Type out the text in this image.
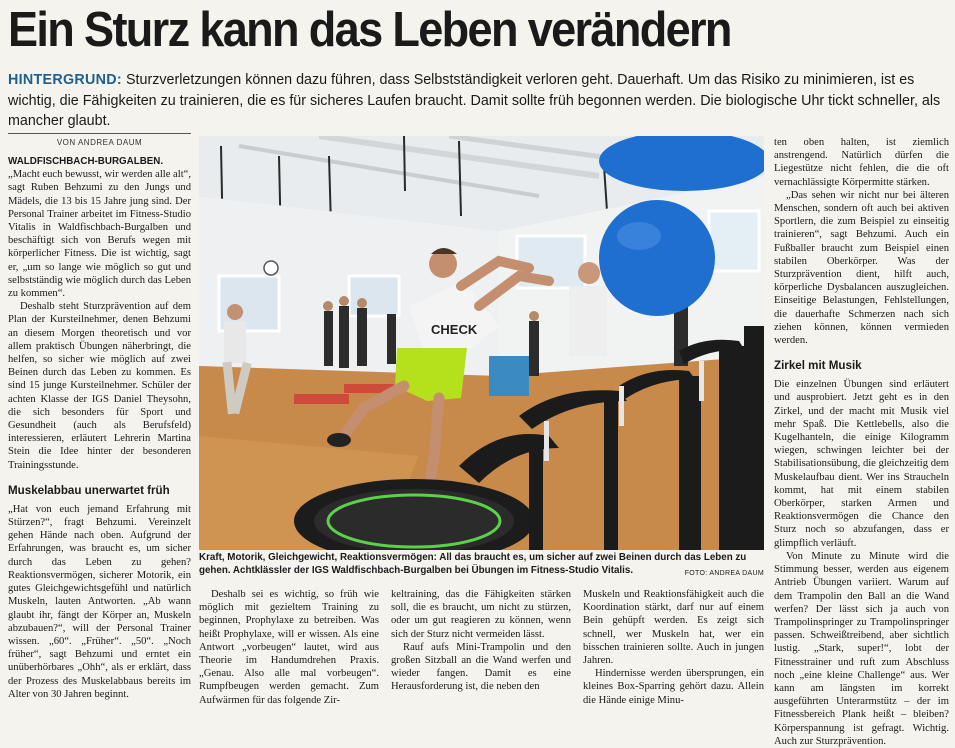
Ein Sturz kann das Leben verändern

HINTERGRUND: Sturzverletzungen können dazu führen, dass Selbstständigkeit verloren geht. Dauerhaft. Um das Risiko zu minimieren, ist es wichtig, die Fähigkeiten zu trainieren, die es für sicheres Laufen braucht. Damit sollte früh begonnen werden. Die biologische Uhr tickt schneller, als mancher glaubt.

VON ANDREA DAUM

WALDFISCHBACH-BURGALBEN.
„Macht euch bewusst, wir werden alle alt“, sagt Ruben Behzumi zu den Jungs und Mädels, die 13 bis 15 Jahre jung sind. Der Personal Trainer arbeitet im Fitness-Studio Vitalis in Waldfischbach-Burgalben und beschäftigt sich von Berufs wegen mit körperlicher Fitness. Die ist wichtig, sagt er, „um so lange wie möglich so gut und selbstständig wie möglich durch das Leben zu kommen“.

Deshalb steht Sturzprävention auf dem Plan der Kursteilnehmer, denen Behzumi an diesem Morgen theoretisch und vor allem praktisch Übungen näherbringt, die helfen, so sicher wie möglich auf zwei Beinen durch das Leben zu kommen. Es sind 15 junge Kursteilnehmer. Schüler der achten Klasse der IGS Daniel Theysohn, die sich besonders für Sport und Gesundheit (auch als Berufsfeld) interessieren, erläutert Lehrerin Martina Stein die Idee hinter der besonderen Trainingsstunde.

Muskelabbau unerwartet früh

„Hat von euch jemand Erfahrung mit Stürzen?“, fragt Behzumi. Vereinzelt gehen Hände nach oben. Aufgrund der Erfahrungen, was braucht es, um sicher durch das Leben zu gehen? Reaktionsvermögen, sicherer Motorik, ein gutes Gleichgewichtsgefühl und natürlich Muskeln, lauten Antworten. „Ab wann glaubt ihr, fängt der Körper an, Muskeln abzubauen?“, will der Personal Trainer wissen. „60“. „Früher“. „50“. „Noch früher“, sagt Behzumi und erntet ein unüberhörbares „Ohh“, als er erklärt, dass der Prozess des Muskelabbaus bereits im Alter von 30 Jahren beginnt.

CHECK
Kraft, Motorik, Gleichgewicht, Reaktionsvermögen: All das braucht es, um sicher auf zwei Beinen durch das Leben zu gehen. Achtklässler der IGS Waldfischbach-Burgalben bei Übungen im Fitness-Studio Vitalis.	FOTO: ANDREA DAUM

Deshalb sei es wichtig, so früh wie möglich mit gezieltem Training zu beginnen, Prophylaxe zu betreiben. Was heißt Prophylaxe, will er wissen. Als eine Antwort „vorbeugen“ lautet, wird aus Theorie im Handumdrehen Praxis. „Genau. Also alle mal vorbeugen“. Rumpfbeugen werden gemacht. Zum Aufwärmen für das folgende Zir-

keltraining, das die Fähigkeiten stärken soll, die es braucht, um nicht zu stürzen, oder um gut reagieren zu können, wenn sich der Sturz nicht vermeiden lässt.

Rauf aufs Mini-Trampolin und den großen Sitzball an die Wand werfen und wieder fangen. Damit es eine Herausforderung ist, die neben den

Muskeln und Reaktionsfähigkeit auch die Koordination stärkt, darf nur auf einem Bein gehüpft werden. Es zeigt sich schnell, wer Muskeln hat, wer ein bisschen trainieren sollte. Auch in jungen Jahren.

Hindernisse werden übersprungen, ein kleines Box-Sparring gehört dazu. Allein die Hände einige Minu-

ten oben halten, ist ziemlich anstrengend. Natürlich dürfen die Liegestütze nicht fehlen, die die oft vernachlässigte Körpermitte stärken.

„Das sehen wir nicht nur bei älteren Menschen, sondern oft auch bei aktiven Sportlern, die zum Beispiel zu einseitig trainieren“, sagt Behzumi. Auch ein Fußballer braucht zum Beispiel einen stabilen Oberkörper. Was der Sturzprävention dient, hilft auch, körperliche Dysbalancen auszugleichen. Einseitige Belastungen, Fehlstellungen, die dauerhafte Schmerzen nach sich ziehen können, können vermieden werden.

Zirkel mit Musik

Die einzelnen Übungen sind erläutert und ausprobiert. Jetzt geht es in den Zirkel, und der macht mit Musik viel mehr Spaß. Die Kettlebells, also die Kugelhanteln, die einige Kilogramm wiegen, schwingen leichter bei der Stabilisationsübung, die gleichzeitig dem Muskelaufbau dient. Wer ins Straucheln kommt, hat mit einem stabilen Oberkörper, starken Armen und Reaktionsvermögen die Chance den Sturz noch so abzufangen, dass er glimpflich verläuft.

Von Minute zu Minute wird die Stimmung besser, werden aus eigenem Antrieb Übungen variiert. Warum auf dem Trampolin den Ball an die Wand werfen? Der lässt sich ja auch von Trampolinspringer zu Trampolinspringer passen. Schweißtreibend, aber sichtlich lustig. „Stark, super!“, lobt der Fitnesstrainer und ruft zum Abschluss noch „eine kleine Challenge“ aus. Wer kann am längsten im korrekt ausgeführten Unterarmstütz – der im Fitnessbereich Plank heißt – bleiben? Körperspannung ist gefragt. Wichtig. Auch zur Sturzprävention.
